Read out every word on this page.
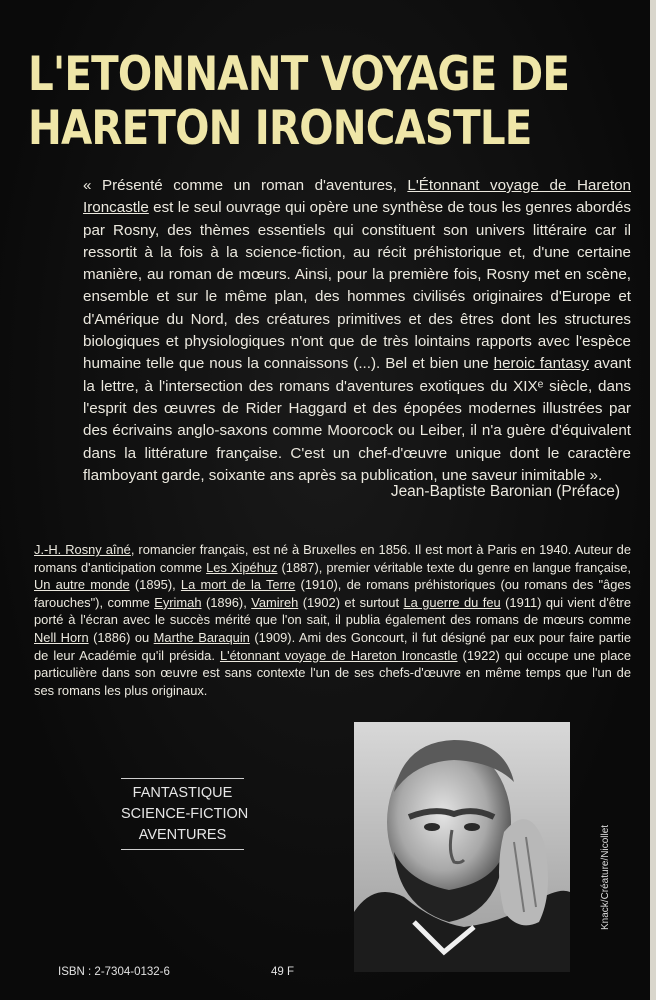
L'ETONNANT VOYAGE DE
HARETON IRONCASTLE

« Présenté comme un roman d'aventures, L'Étonnant voyage de Hareton Ironcastle est le seul ouvrage qui opère une synthèse de tous les genres abordés par Rosny, des thèmes essentiels qui constituent son univers littéraire car il ressortit à la fois à la science-fiction, au récit préhistorique et, d'une certaine manière, au roman de mœurs. Ainsi, pour la première fois, Rosny met en scène, ensemble et sur le même plan, des hommes civilisés originaires d'Europe et d'Amérique du Nord, des créatures primitives et des êtres dont les structures biologiques et physiologiques n'ont que de très lointains rapports avec l'espèce humaine telle que nous la connaissons (...). Bel et bien une heroic fantasy avant la lettre, à l'intersection des romans d'aventures exotiques du XIXᵉ siècle, dans l'esprit des œuvres de Rider Haggard et des épopées modernes illustrées par des écrivains anglo-saxons comme Moorcock ou Leiber, il n'a guère d'équivalent dans la littérature française. C'est un chef-d'œuvre unique dont le caractère flamboyant garde, soixante ans après sa publication, une saveur inimitable ».

Jean-Baptiste Baronian (Préface)

J.-H. Rosny aîné, romancier français, est né à Bruxelles en 1856. Il est mort à Paris en 1940. Auteur de romans d'anticipation comme Les Xipéhuz (1887), premier véritable texte du genre en langue française, Un autre monde (1895), La mort de la Terre (1910), de romans préhistoriques (ou romans des "âges farouches"), comme Eyrimah (1896), Vamireh (1902) et surtout La guerre du feu (1911) qui vient d'être porté à l'écran avec le succès mérité que l'on sait, il publia également des romans de mœurs comme Nell Horn (1886) ou Marthe Baraquin (1909). Ami des Goncourt, il fut désigné par eux pour faire partie de leur Académie qu'il présida. L'étonnant voyage de Hareton Ironcastle (1922) qui occupe une place particulière dans son œuvre est sans contexte l'un de ses chefs-d'œuvre en même temps que l'un de ses romans les plus originaux.

FANTASTIQUE
SCIENCE-FICTION
AVENTURES	Knack/Créature/Nicollet
ISBN : 2-7304-0132-6	49 F
